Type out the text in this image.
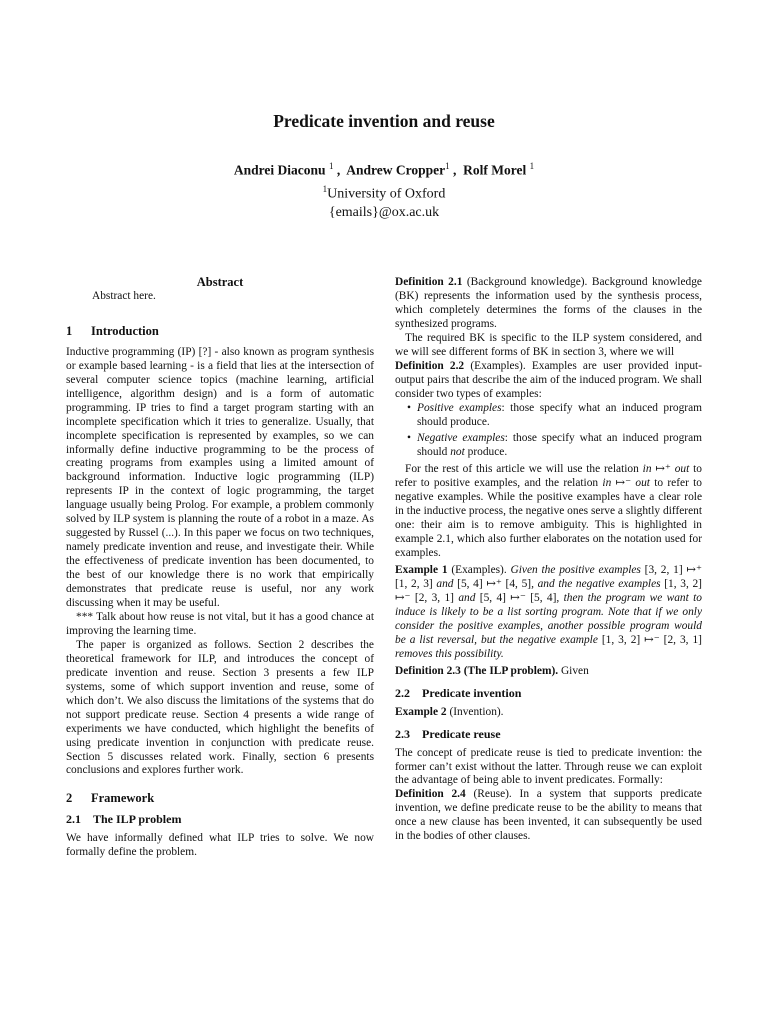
Predicate invention and reuse
Andrei Diaconu $^1$ , Andrew Cropper$^1$ , Rolf Morel $^1$
$^1$University of Oxford
{emails}@ox.ac.uk

Abstract

Abstract here.

1 Introduction

Inductive programming (IP) [?] - also known as program synthesis or example based learning - is a field that lies at the intersection of several computer science topics (machine learning, artificial intelligence, algorithm design) and is a form of automatic programming. IP tries to find a target program starting with an incomplete specification which it tries to generalize. Usually, that incomplete specification is represented by examples, so we can informally define inductive programming to be the process of creating programs from examples using a limited amount of background information. Inductive logic programming (ILP) represents IP in the context of logic programming, the target language usually being Prolog. For example, a problem commonly solved by ILP system is planning the route of a robot in a maze. As suggested by Russel (...). In this paper we focus on two techniques, namely predicate invention and reuse, and investigate their. While the effectiveness of predicate invention has been documented, to the best of our knowledge there is no work that empirically demonstrates that predicate reuse is useful, nor any work discussing when it may be useful.

*** Talk about how reuse is not vital, but it has a good chance at improving the learning time.

The paper is organized as follows. Section 2 describes the theoretical framework for ILP, and introduces the concept of predicate invention and reuse. Section 3 presents a few ILP systems, some of which support invention and reuse, some of which don’t. We also discuss the limitations of the systems that do not support predicate reuse. Section 4 presents a wide range of experiments we have conducted, which highlight the benefits of using predicate invention in conjunction with predicate reuse. Section 5 discusses related work. Finally, section 6 presents conclusions and explores further work.

2 Framework

2.1 The ILP problem

We have informally defined what ILP tries to solve. We now formally define the problem.

Definition 2.1 (Background knowledge). Background knowledge (BK) represents the information used by the synthesis process, which completely determines the forms of the clauses in the synthesized programs.

The required BK is specific to the ILP system considered, and we will see different forms of BK in section 3, where we will

Definition 2.2 (Examples). Examples are user provided input-output pairs that describe the aim of the induced program. We shall consider two types of examples:

• Positive examples: those specify what an induced program should produce.
• Negative examples: those specify what an induced program should not produce.

For the rest of this article we will use the relation in ↦⁺ out to refer to positive examples, and the relation in ↦⁻ out to refer to negative examples. While the positive examples have a clear role in the inductive process, the negative ones serve a slightly different one: their aim is to remove ambiguity. This is highlighted in example 2.1, which also further elaborates on the notation used for examples.

Example 1 (Examples). Given the positive examples [3, 2, 1] ↦⁺ [1, 2, 3] and [5, 4] ↦⁺ [4, 5], and the negative examples [1, 3, 2] ↦⁻ [2, 3, 1] and [5, 4] ↦⁻ [5, 4], then the program we want to induce is likely to be a list sorting program. Note that if we only consider the positive examples, another possible program would be a list reversal, but the negative example [1, 3, 2] ↦⁻ [2, 3, 1] removes this possibility.

Definition 2.3 (The ILP problem). Given

2.2 Predicate invention

Example 2 (Invention).

2.3 Predicate reuse

The concept of predicate reuse is tied to predicate invention: the former can’t exist without the latter. Through reuse we can exploit the advantage of being able to invent predicates. Formally:

Definition 2.4 (Reuse). In a system that supports predicate invention, we define predicate reuse to be the ability to means that once a new clause has been invented, it can subsequently be used in the bodies of other clauses.
